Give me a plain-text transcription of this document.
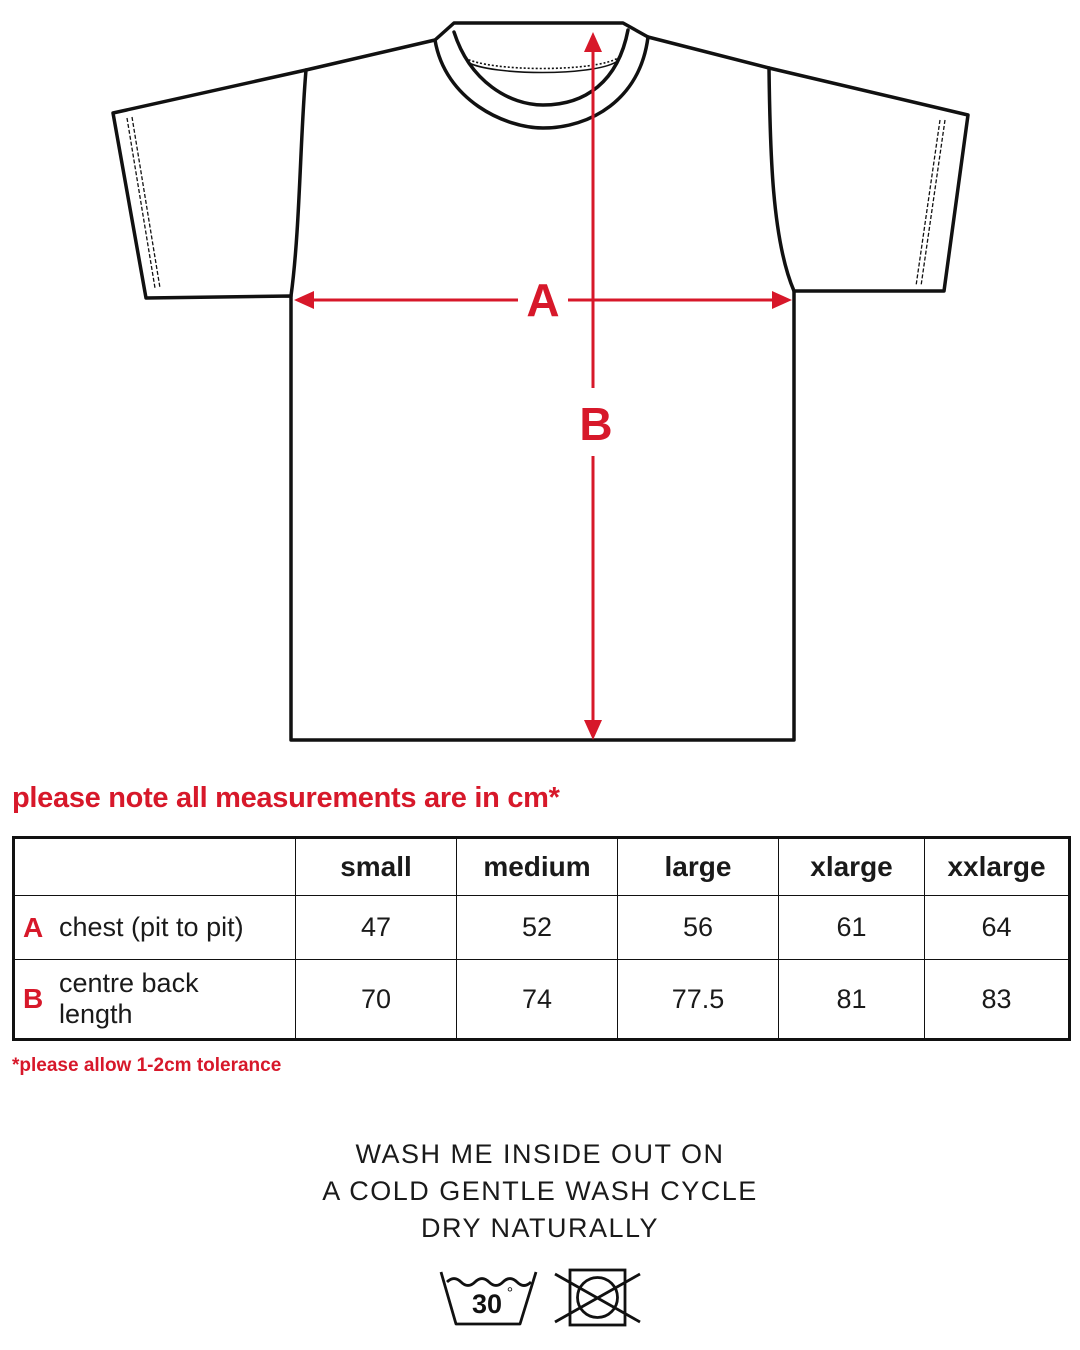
A
B
please note all measurements are in cm*
	small	medium	large	xlarge	xxlarge

A chest (pit to pit)	47	52	56	61	64

B centre back
length	70	74	77.5	81	83
*please allow 1-2cm tolerance
WASH ME INSIDE OUT ON
A COLD GENTLE WASH CYCLE
DRY NATURALLY
30 °
